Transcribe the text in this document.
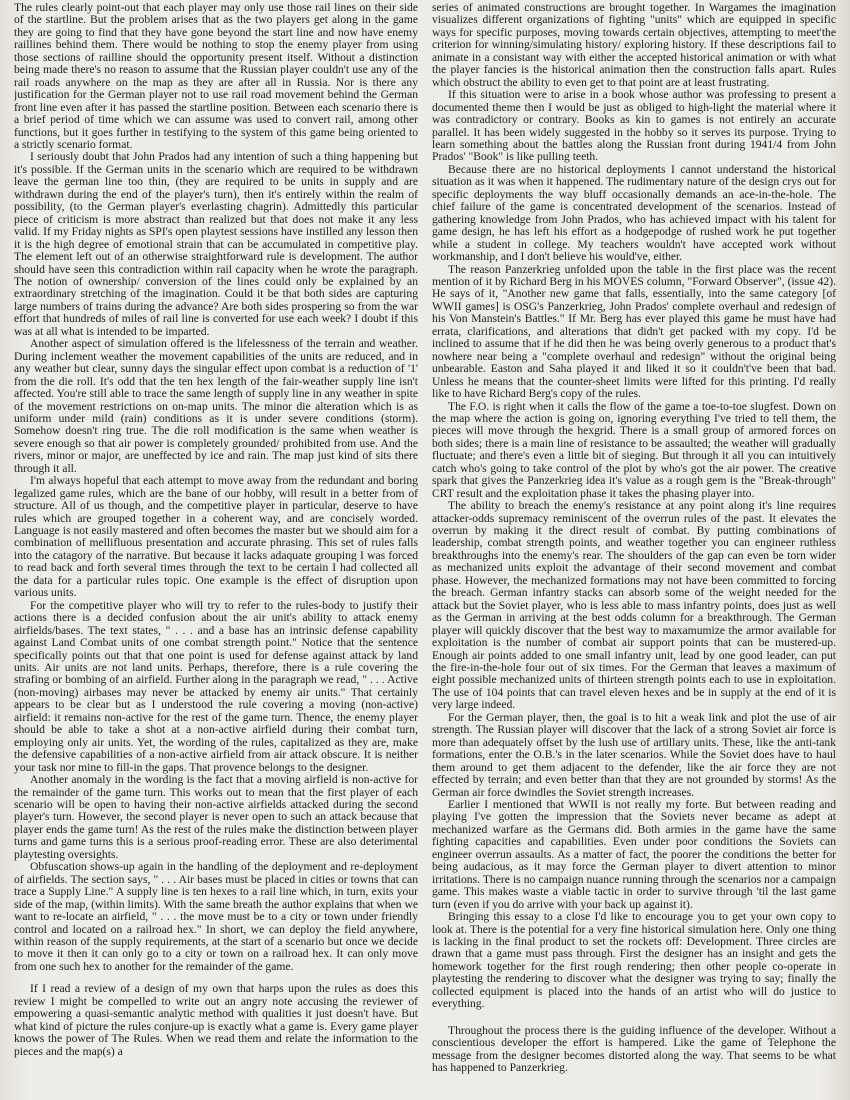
The rules clearly point-out that each player may only use those rail lines on their side of the startline. But the problem arises that as the two players get along in the game they are going to find that they have gone beyond the start line and now have enemy raillines behind them. There would be nothing to stop the enemy player from using those sections of railline should the opportunity present itself. Without a distinction being made there's no reason to assume that the Russian player couldn't use any of the rail roads anywhere on the map as they are after all in Russia. Nor is there any justification for the German player not to use rail road movement behind the German front line even after it has passed the startline position. Between each scenario there is a brief period of time which we can assume was used to convert rail, among other functions, but it goes further in testifying to the system of this game being oriented to a strictly scenario format.

I seriously doubt that John Prados had any intention of such a thing happening but it's possible. If the German units in the scenario which are required to be withdrawn leave the german line too thin, (they are required to be units in supply and are withdrawn during the end of the player's turn), then it's entirely within the realm of possibility, (to the German player's everlasting chagrin). Admittedly this particular piece of criticism is more abstract than realized but that does not make it any less valid. If my Friday nights as SPI's open playtest sessions have instilled any lesson then it is the high degree of emotional strain that can be accumulated in competitive play. The element left out of an otherwise straightforward rule is development. The author should have seen this contradiction within rail capacity when he wrote the paragraph. The notion of ownership/ conversion of the lines could only be explained by an extraordinary stretching of the imagination. Could it be that both sides are capturing large numbers of trains during the advance? Are both sides prospering so from the war effort that hundreds of miles of rail line is converted for use each week? I doubt if this was at all what is intended to be imparted.

Another aspect of simulation offered is the lifelessness of the terrain and weather. During inclement weather the movement capabilities of the units are reduced, and in any weather but clear, sunny days the singular effect upon combat is a reduction of '1' from the die roll. It's odd that the ten hex length of the fair-weather supply line isn't affected. You're still able to trace the same length of supply line in any weather in spite of the movement restrictions on on-map units. The minor die alteration which is as uniform under mild (rain) conditions as it is under severe conditions (storm). Somehow doesn't ring true. The die roll modification is the same when weather is severe enough so that air power is completely grounded/ prohibited from use. And the rivers, minor or major, are uneffected by ice and rain. The map just kind of sits there through it all.

I'm always hopeful that each attempt to move away from the redundant and boring legalized game rules, which are the bane of our hobby, will result in a better from of structure. All of us though, and the competitive player in particular, deserve to have rules which are grouped together in a coherent way, and are concisely worded. Language is not easily mastered and often becomes the master but we should aim for a combination of mellifluous presentation and accurate phrasing. This set of rules falls into the catagory of the narrative. But because it lacks adaquate grouping I was forced to read back and forth several times through the text to be certain I had collected all the data for a particular rules topic. One example is the effect of disruption upon various units.

For the competitive player who will try to refer to the rules-body to justify their actions there is a decided confusion about the air unit's ability to attack enemy airfields/bases. The text states, " . . . and a base has an intrinsic defense capability against Land Combat units of one combat strength point." Notice that the sentence specifically points out that that one point is used for defense against attack by land units. Air units are not land units. Perhaps, therefore, there is a rule covering the strafing or bombing of an airfield. Further along in the paragraph we read, " . . . Active (non-moving) airbases may never be attacked by enemy air units." That certainly appears to be clear but as I understood the rule covering a moving (non-active) airfield: it remains non-active for the rest of the game turn. Thence, the enemy player should be able to take a shot at a non-active airfield during their combat turn, employing only air units. Yet, the wording of the rules, capitalized as they are, make the defensive capabilities of a non-active airfield from air attack obscure. It is neither your task nor mine to fill-in the gaps. That provence belongs to the designer.

Another anomaly in the wording is the fact that a moving airfield is non-active for the remainder of the game turn. This works out to mean that the first player of each scenario will be open to having their non-active airfields attacked during the second player's turn. However, the second player is never open to such an attack because that player ends the game turn! As the rest of the rules make the distinction between player turns and game turns this is a serious proof-reading error. These are also deterimental playtesting oversights.

Obfuscation shows-up again in the handling of the deployment and re-deployment of airfields. The section says, " . . . Air bases must be placed in cities or towns that can trace a Supply Line." A supply line is ten hexes to a rail line which, in turn, exits your side of the map, (within limits). With the same breath the author explains that when we want to re-locate an airfield, " . . . the move must be to a city or town under friendly control and located on a railroad hex." In short, we can deploy the field anywhere, within reason of the supply requirements, at the start of a scenario but once we decide to move it then it can only go to a city or town on a railroad hex. It can only move from one such hex to another for the remainder of the game.

If I read a review of a design of my own that harps upon the rules as does this review I might be compelled to write out an angry note accusing the reviewer of empowering a quasi-semantic analytic method with qualities it just doesn't have. But what kind of picture the rules conjure-up is exactly what a game is. Every game player knows the power of The Rules. When we read them and relate the information to the pieces and the map(s) a

series of animated constructions are brought together. In Wargames the imagination visualizes different organizations of fighting "units" which are equipped in specific ways for specific purposes, moving towards certain objectives, attempting to meet'the criterion for winning/simulating history/ exploring history. If these descriptions fail to animate in a consistant way with either the accepted historical animation or with what the player fancies is the historical animation then the construction falls apart. Rules which obstruct the ability to even get to that point are at least frustrating.

If this situation were to arise in a book whose author was professing to present a documented theme then I would be just as obliged to high-light the material where it was contradictory or contrary. Books as kin to games is not entirely an accurate parallel. It has been widely suggested in the hobby so it serves its purpose. Trying to learn something about the battles along the Russian front during 1941/4 from John Prados' "Book" is like pulling teeth.

Because there are no historical deployments I cannot understand the historical situation as it was when it happened. The rudimentary nature of the design crys out for specific deployments the way bluff occasionally demands an ace-in-the-hole. The chief failure of the game is concentrated development of the scenarios. Instead of gathering knowledge from John Prados, who has achieved impact with his talent for game design, he has left his effort as a hodgepodge of rushed work he put together while a student in college. My teachers wouldn't have accepted work without workmanship, and I don't believe his would've, either.

The reason Panzerkrieg unfolded upon the table in the first place was the recent mention of it by Richard Berg in his MOVES column, "Forward Observer", (issue 42). He says of it, "Another new game that falls, essentially, into the same category [of WWII games] is OSG's Panzerkrieg, John Prados' complete overhaul and redesign of his Von Manstein's Battles." If Mr. Berg has ever played this game he must have had errata, clarifications, and alterations that didn't get packed with my copy. I'd be inclined to assume that if he did then he was being overly generous to a product that's nowhere near being a "complete overhaul and redesign" without the original being unbearable. Easton and Saha played it and liked it so it couldn't've been that bad. Unless he means that the counter-sheet limits were lifted for this printing. I'd really like to have Richard Berg's copy of the rules.

The F.O. is right when it calls the flow of the game a toe-to-toe slugfest. Down on the map where the action is going on, ignoring everything I've tried to tell them, the pieces will move through the hexgrid. There is a small group of armored forces on both sides; there is a main line of resistance to be assaulted; the weather will gradually fluctuate; and there's even a little bit of sieging. But through it all you can intuitively catch who's going to take control of the plot by who's got the air power. The creative spark that gives the Panzerkrieg idea it's value as a rough gem is the "Break-through" CRT result and the exploitation phase it takes the phasing player into.

The ability to breach the enemy's resistance at any point along it's line requires attacker-odds supremacy reminiscent of the overrun rules of the past. It elevates the overrun by making it the direct result of combat. By putting combinations of leadership, combat strength points, and weather together you can engineer ruthless breakthroughs into the enemy's rear. The shoulders of the gap can even be torn wider as mechanized units exploit the advantage of their second movement and combat phase. However, the mechanized formations may not have been committed to forcing the breach. German infantry stacks can absorb some of the weight needed for the attack but the Soviet player, who is less able to mass infantry points, does just as well as the German in arriving at the best odds column for a breakthrough. The German player will quickly discover that the best way to maxamumize the armor available for exploitation is the number of combat air support points that can be mustered-up. Enough air points added to one small infantry unit, lead by one good leader, can put the fire-in-the-hole four out of six times. For the German that leaves a maximum of eight possible mechanized units of thirteen strength points each to use in exploitation. The use of 104 points that can travel eleven hexes and be in supply at the end of it is very large indeed.

For the German player, then, the goal is to hit a weak link and plot the use of air strength. The Russian player will discover that the lack of a strong Soviet air force is more than adequately offset by the lush use of artillary units. These, like the anti-tank formations, enter the O.B.'s in the later scenarios. While the Soviet does have to haul them around to get them adjacent to the defender, like the air force they are not effected by terrain; and even better than that they are not grounded by storms! As the German air force dwindles the Soviet strength increases.

Earlier I mentioned that WWII is not really my forte. But between reading and playing I've gotten the impression that the Soviets never became as adept at mechanized warfare as the Germans did. Both armies in the game have the same fighting capacities and capabilities. Even under poor conditions the Soviets can engineer overrun assaults. As a matter of fact, the poorer the conditions the better for being audacious, as it may force the German player to divert attention to minor irritations. There is no campaign nuance running through the scenarios nor a campaign game. This makes waste a viable tactic in order to survive through 'til the last game turn (even if you do arrive with your back up against it).

Bringing this essay to a close I'd like to encourage you to get your own copy to look at. There is the potential for a very fine historical simulation here. Only one thing is lacking in the final product to set the rockets off: Development. Three circles are drawn that a game must pass through. First the designer has an insight and gets the homework together for the first rough rendering; then other people co-operate in playtesting the rendering to discover what the designer was trying to say; finally the collected equipment is placed into the hands of an artist who will do justice to everything.

Throughout the process there is the guiding influence of the developer. Without a conscientious developer the effort is hampered. Like the game of Telephone the message from the designer becomes distorted along the way. That seems to be what has happened to Panzerkrieg.
